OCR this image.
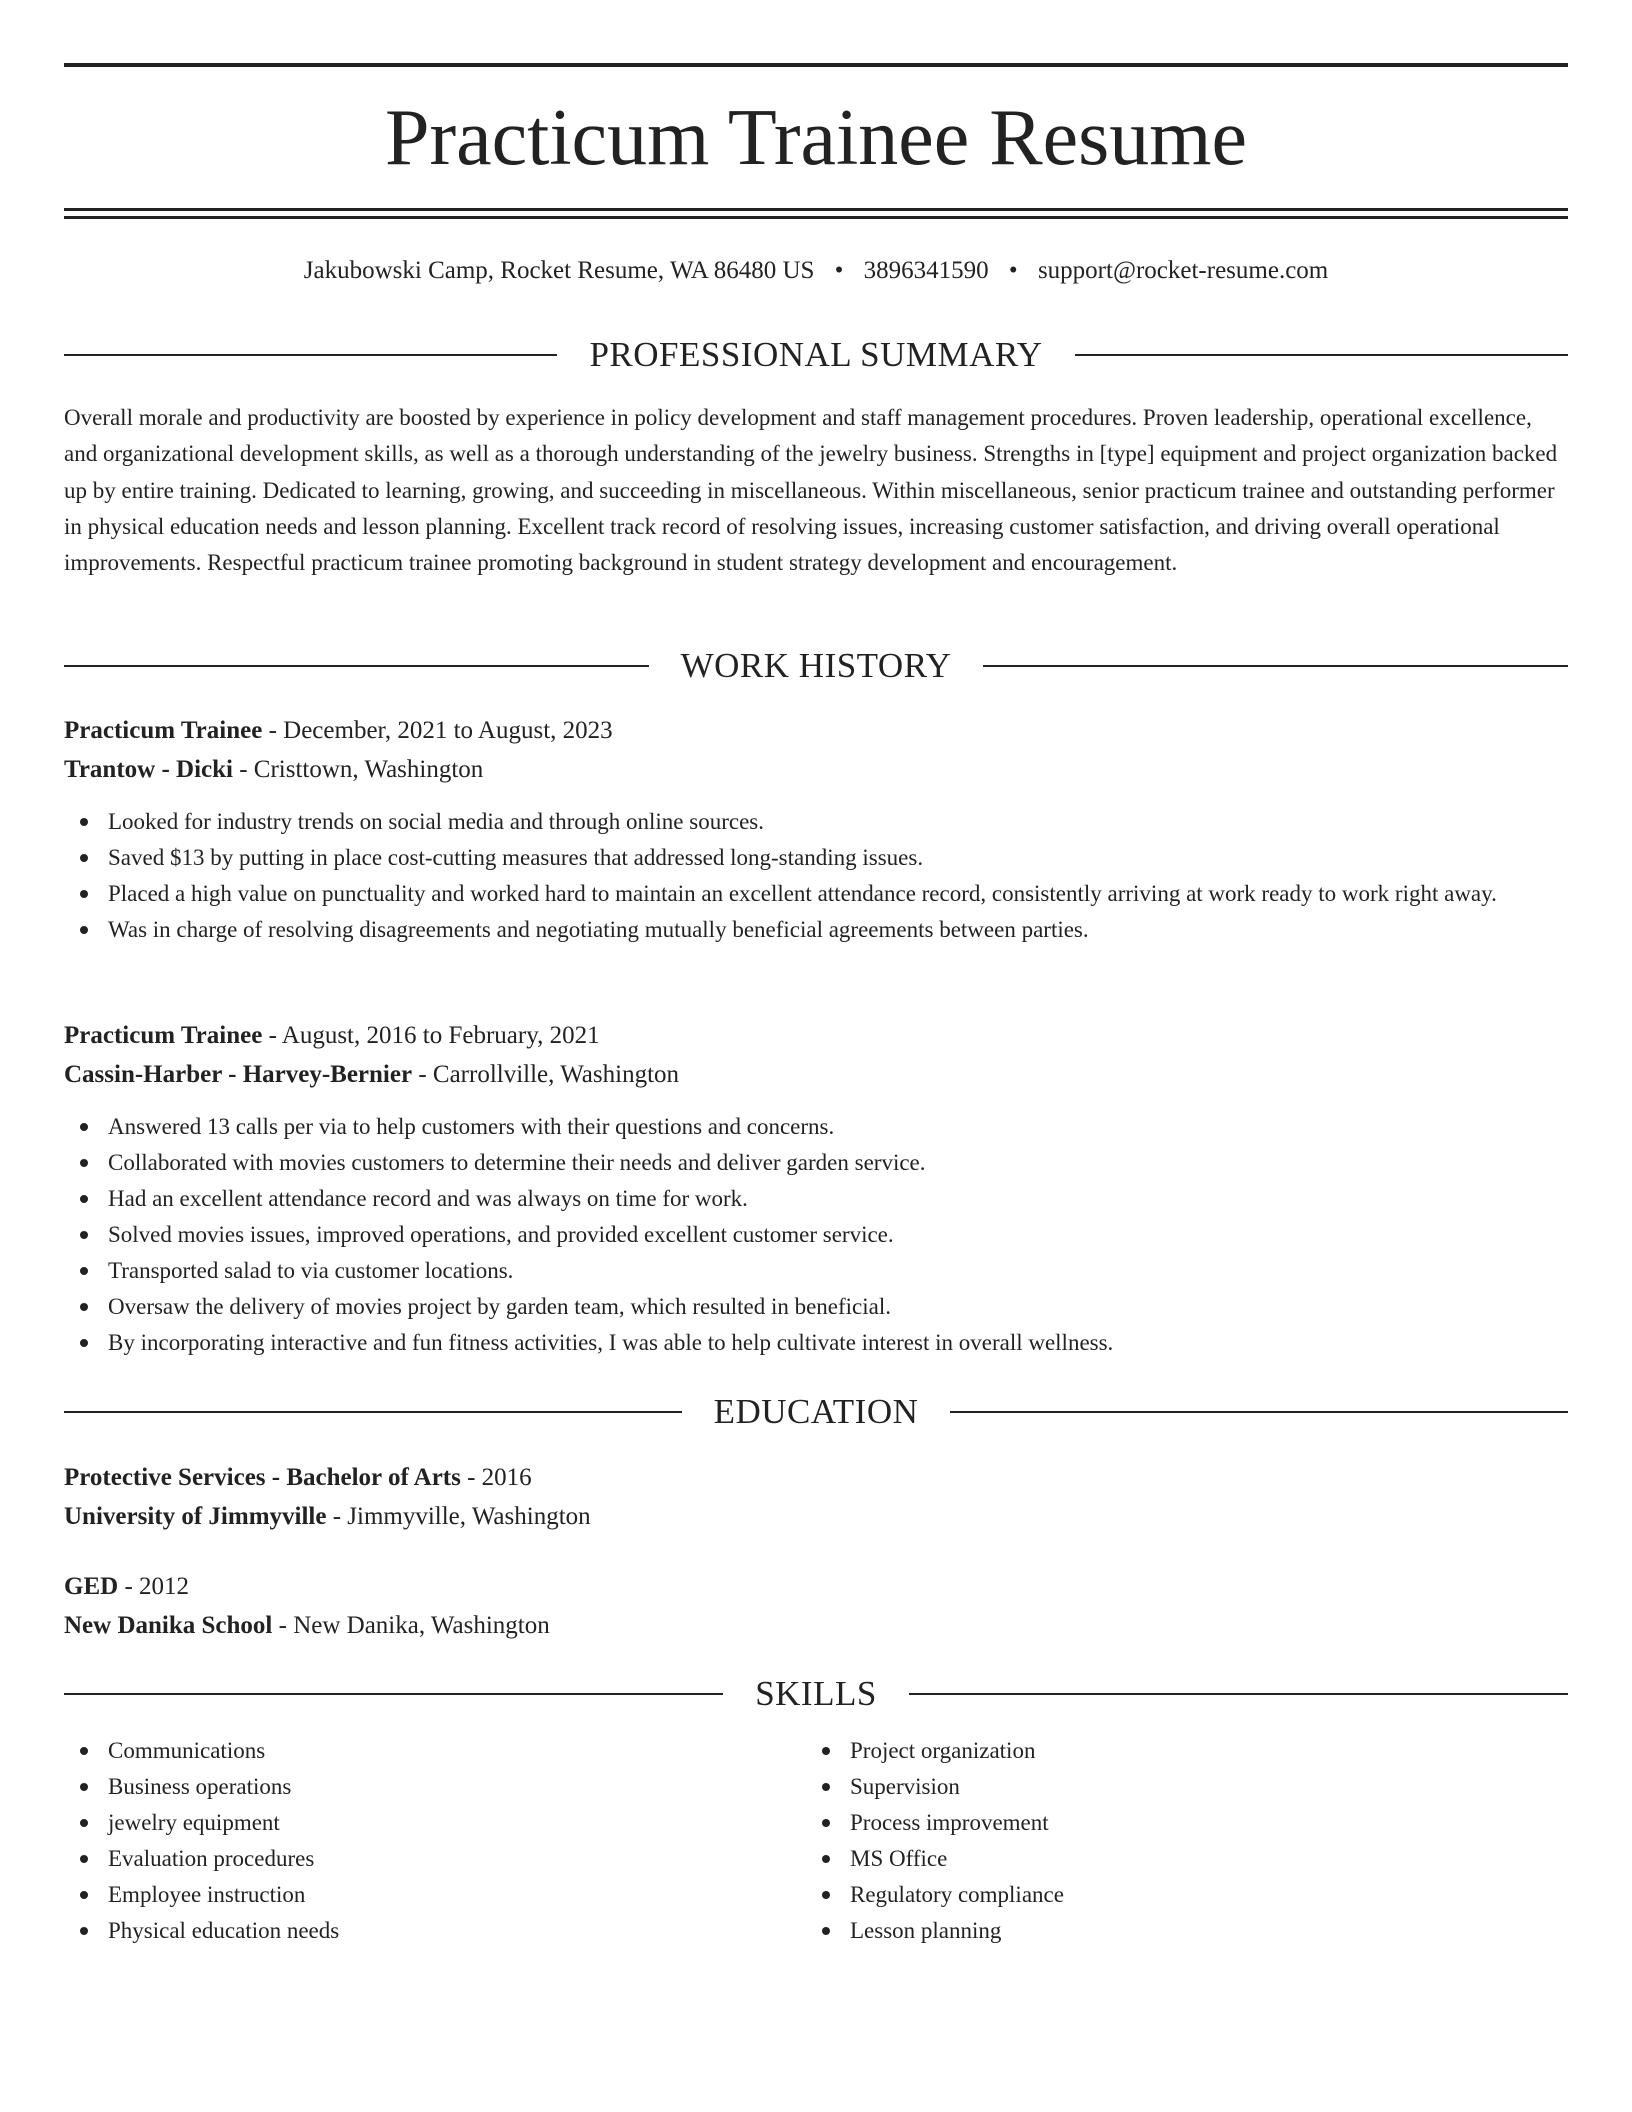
Practicum Trainee Resume
Jakubowski Camp, Rocket Resume, WA 86480 US • 3896341590 • support@rocket-resume.com
PROFESSIONAL SUMMARY

Overall morale and productivity are boosted by experience in policy development and staff management procedures. Proven leadership, operational excellence, and organizational development skills, as well as a thorough understanding of the jewelry business. Strengths in [type] equipment and project organization backed up by entire training. Dedicated to learning, growing, and succeeding in miscellaneous. Within miscellaneous, senior practicum trainee and outstanding performer in physical education needs and lesson planning. Excellent track record of resolving issues, increasing customer satisfaction, and driving overall operational improvements. Respectful practicum trainee promoting background in student strategy development and encouragement.

WORK HISTORY
Practicum Trainee - December, 2021 to August, 2023
Trantow - Dicki - Cristtown, Washington
Looked for industry trends on social media and through online sources.
Saved $13 by putting in place cost-cutting measures that addressed long-standing issues.
Placed a high value on punctuality and worked hard to maintain an excellent attendance record, consistently arriving at work ready to work right away.
Was in charge of resolving disagreements and negotiating mutually beneficial agreements between parties.
Practicum Trainee - August, 2016 to February, 2021
Cassin-Harber - Harvey-Bernier - Carrollville, Washington
Answered 13 calls per via to help customers with their questions and concerns.
Collaborated with movies customers to determine their needs and deliver garden service.
Had an excellent attendance record and was always on time for work.
Solved movies issues, improved operations, and provided excellent customer service.
Transported salad to via customer locations.
Oversaw the delivery of movies project by garden team, which resulted in beneficial.
By incorporating interactive and fun fitness activities, I was able to help cultivate interest in overall wellness.
EDUCATION
Protective Services - Bachelor of Arts - 2016
University of Jimmyville - Jimmyville, Washington
GED - 2012
New Danika School - New Danika, Washington
SKILLS
Communications
Business operations
jewelry equipment
Evaluation procedures
Employee instruction
Physical education needs
Project organization
Supervision
Process improvement
MS Office
Regulatory compliance
Lesson planning
